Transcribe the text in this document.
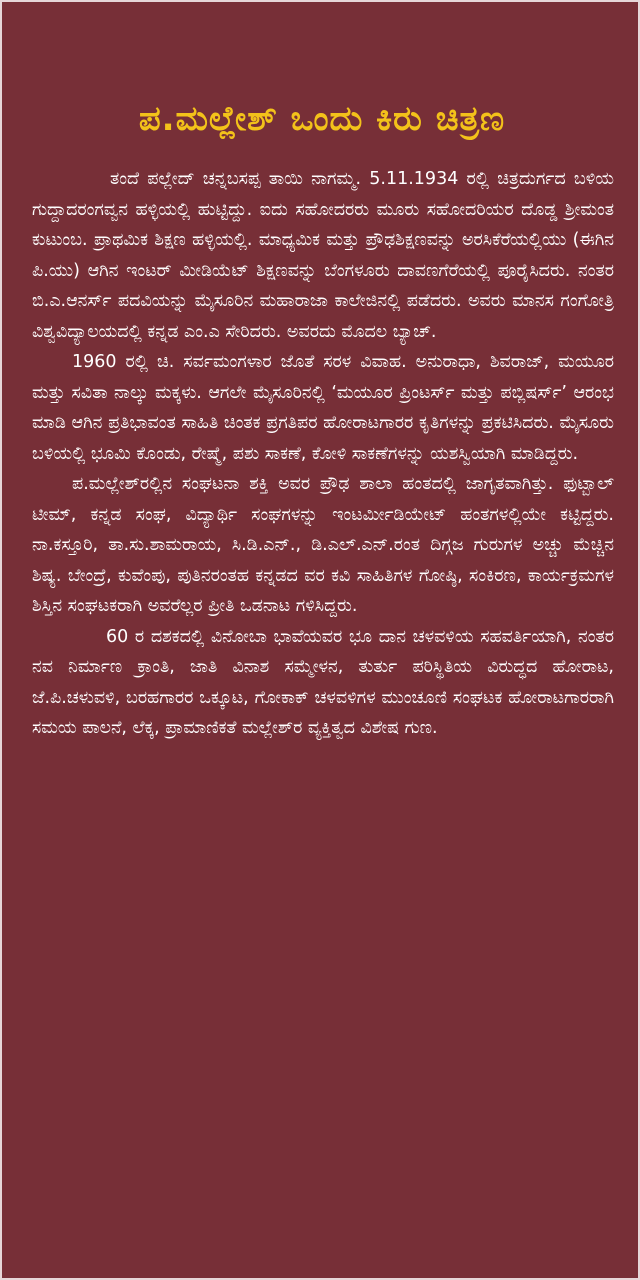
ಪ.ಮಲ್ಲೇಶ್ ಒಂದು ಕಿರು ಚಿತ್ರಣ

ತಂದೆ ಪಲ್ಲೇದ್ ಚನ್ನಬಸಪ್ಪ ತಾಯಿ ನಾಗಮ್ಮ. 5.11.1934 ರಲ್ಲಿ ಚಿತ್ರದುರ್ಗದ ಬಳಿಯ ಗುದ್ದಾದರಂಗವ್ವನ ಹಳ್ಳಿಯಲ್ಲಿ ಹುಟ್ಟಿದ್ದು. ಐದು ಸಹೋದರರು ಮೂರು ಸಹೋದರಿಯರ ದೊಡ್ಡ ಶ್ರೀಮಂತ ಕುಟುಂಬ. ಪ್ರಾಥಮಿಕ ಶಿಕ್ಷಣ ಹಳ್ಳಿಯಲ್ಲಿ. ಮಾಧ್ಯಮಿಕ ಮತ್ತು ಪ್ರೌಢಶಿಕ್ಷಣವನ್ನು ಅರಸಿಕೆರೆಯಲ್ಲಿಯು (ಈಗಿನ ಪಿ.ಯು) ಆಗಿನ ಇಂಟರ್ ಮೀಡಿಯೆಟ್ ಶಿಕ್ಷಣವನ್ನು ಬೆಂಗಳೂರು ದಾವಣಗೆರೆಯಲ್ಲಿ ಪೂರೈಸಿದರು. ನಂತರ ಬಿ.ಎ.ಆನರ್ಸ್ ಪದವಿಯನ್ನು ಮೈಸೂರಿನ ಮಹಾರಾಜಾ ಕಾಲೇಜಿನಲ್ಲಿ ಪಡೆದರು. ಅವರು ಮಾನಸ ಗಂಗೋತ್ರಿ ವಿಶ್ವವಿದ್ಯಾಲಯದಲ್ಲಿ ಕನ್ನಡ ಎಂ.ಎ ಸೇರಿದರು. ಅವರದು ಮೊದಲ ಬ್ಯಾಚ್.

1960 ರಲ್ಲಿ ಚಿ. ಸರ್ವಮಂಗಳಾರ ಜೊತೆ ಸರಳ ವಿವಾಹ. ಅನುರಾಧಾ, ಶಿವರಾಜ್, ಮಯೂರ ಮತ್ತು ಸವಿತಾ ನಾಲ್ಕು ಮಕ್ಕಳು. ಆಗಲೇ ಮೈಸೂರಿನಲ್ಲಿ ‘ಮಯೂರ ಪ್ರಿಂಟರ್ಸ್ ಮತ್ತು ಪಬ್ಲಿಷರ್ಸ್’ ಆರಂಭ ಮಾಡಿ ಆಗಿನ ಪ್ರತಿಭಾವಂತ ಸಾಹಿತಿ ಚಿಂತಕ ಪ್ರಗತಿಪರ ಹೋರಾಟಗಾರರ ಕೃತಿಗಳನ್ನು ಪ್ರಕಟಿಸಿದರು. ಮೈಸೂರು ಬಳಿಯಲ್ಲಿ ಭೂಮಿ ಕೊಂಡು, ರೇಷ್ಮೆ, ಪಶು ಸಾಕಣೆ, ಕೋಳಿ ಸಾಕಣೆಗಳನ್ನು ಯಶಸ್ವಿಯಾಗಿ ಮಾಡಿದ್ದರು.

ಪ.ಮಲ್ಲೇಶ್‌ರಲ್ಲಿನ ಸಂಘಟನಾ ಶಕ್ತಿ ಅವರ ಪ್ರೌಢ ಶಾಲಾ ಹಂತದಲ್ಲಿ ಜಾಗೃತವಾಗಿತ್ತು. ಫುಟ್ಬಾಲ್ ಟೀಮ್, ಕನ್ನಡ ಸಂಘ, ವಿದ್ಯಾರ್ಥಿ ಸಂಘಗಳನ್ನು ಇಂಟರ್ಮೀಡಿಯೇಟ್ ಹಂತಗಳಲ್ಲಿಯೇ ಕಟ್ಟಿದ್ದರು. ನಾ.ಕಸ್ತೂರಿ, ತಾ.ಸು.ಶಾಮರಾಯ, ಸಿ.ಡಿ.ಎನ್., ಡಿ.ಎಲ್.ಎನ್.ರಂತ ದಿಗ್ಗಜ ಗುರುಗಳ ಅಚ್ಚು ಮೆಚ್ಚಿನ ಶಿಷ್ಯ. ಬೇಂದ್ರೆ, ಕುವೆಂಪು, ಪುತಿನರಂತಹ ಕನ್ನಡದ ವರ ಕವಿ ಸಾಹಿತಿಗಳ ಗೋಷ್ಠಿ, ಸಂಕಿರಣ, ಕಾರ್ಯಕ್ರಮಗಳ ಶಿಸ್ತಿನ ಸಂಘಟಕರಾಗಿ ಅವರೆಲ್ಲರ ಪ್ರೀತಿ ಒಡನಾಟ ಗಳಿಸಿದ್ದರು.

60 ರ ದಶಕದಲ್ಲಿ ವಿನೋಬಾ ಭಾವೆಯವರ ಭೂ ದಾನ ಚಳವಳಿಯ ಸಹವರ್ತಿಯಾಗಿ, ನಂತರ ನವ ನಿರ್ಮಾಣ ಕ್ರಾಂತಿ, ಜಾತಿ ವಿನಾಶ ಸಮ್ಮೇಳನ, ತುರ್ತು ಪರಿಸ್ಥಿತಿಯ ವಿರುದ್ಧದ ಹೋರಾಟ, ಜೆ.ಪಿ.ಚಳುವಳಿ, ಬರಹಗಾರರ ಒಕ್ಕೂಟ, ಗೋಕಾಕ್ ಚಳವಳಿಗಳ ಮುಂಚೂಣಿ ಸಂಘಟಕ ಹೋರಾಟಗಾರರಾಗಿ ಸಮಯ ಪಾಲನೆ, ಲೆಕ್ಕ, ಪ್ರಾಮಾಣಿಕತೆ ಮಲ್ಲೇಶ್‌ರ ವ್ಯಕ್ತಿತ್ವದ ವಿಶೇಷ ಗುಣ.
